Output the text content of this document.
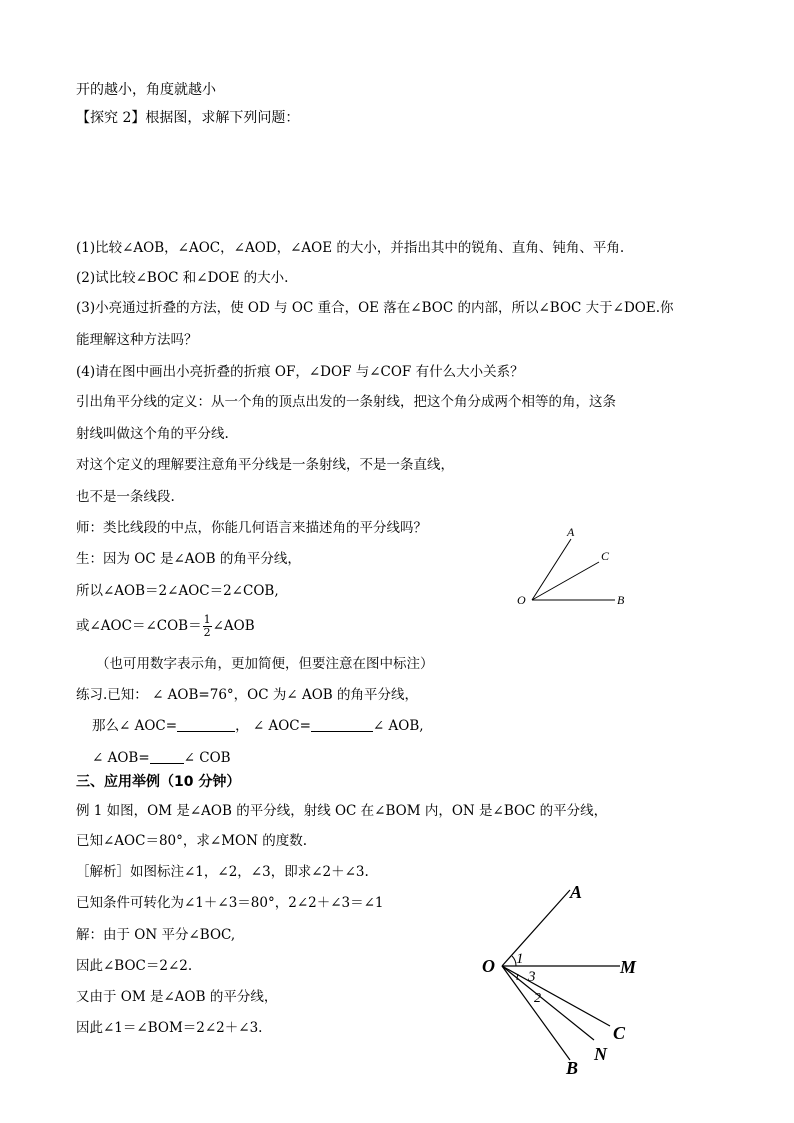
开的越小，角度就越小
【探究 2】根据图，求解下列问题：
(1)比较∠AOB，∠AOC，∠AOD，∠AOE 的大小，并指出其中的锐角、直角、钝角、平角.
(2)试比较∠BOC 和∠DOE 的大小.
(3)小亮通过折叠的方法，使 OD 与 OC 重合，OE 落在∠BOC 的内部，所以∠BOC 大于∠DOE.你
能理解这种方法吗？
(4)请在图中画出小亮折叠的折痕 OF，∠DOF 与∠COF 有什么大小关系？
引出角平分线的定义：从一个角的顶点出发的一条射线，把这个角分成两个相等的角，这条
射线叫做这个角的平分线.
对这个定义的理解要注意角平分线是一条射线，不是一条直线，
也不是一条线段.
师：类比线段的中点，你能几何语言来描述角的平分线吗？
生：因为 OC 是∠AOB 的角平分线，
所以∠AOB＝2∠AOC＝2∠COB,
或∠AOC＝∠COB＝ $\frac{1}{2}$ ∠AOB
（也可用数字表示角，更加简便，但要注意在图中标注）
练习.已知： ∠ AOB=76°，OC 为∠ AOB 的角平分线，
那么∠ AOC=	， ∠ AOC=	∠ AOB,
∠ AOB=	∠ COB
三、应用举例（10 分钟）
例 1 如图，OM 是∠AOB 的平分线，射线 OC 在∠BOM 内，ON 是∠BOC 的平分线，
已知∠AOC＝80°，求∠MON 的度数.
［解析］如图标注∠1，∠2，∠3，即求∠2＋∠3.
已知条件可转化为∠1＋∠3＝80°，2∠2＋∠3＝∠1
解：由于 ON 平分∠BOC,
因此∠BOC＝2∠2.
又由于 OM 是∠AOB 的平分线，
因此∠1＝∠BOM＝2∠2＋∠3.
A
C
O	B
A
O	M
C
N
B
1
3
2
